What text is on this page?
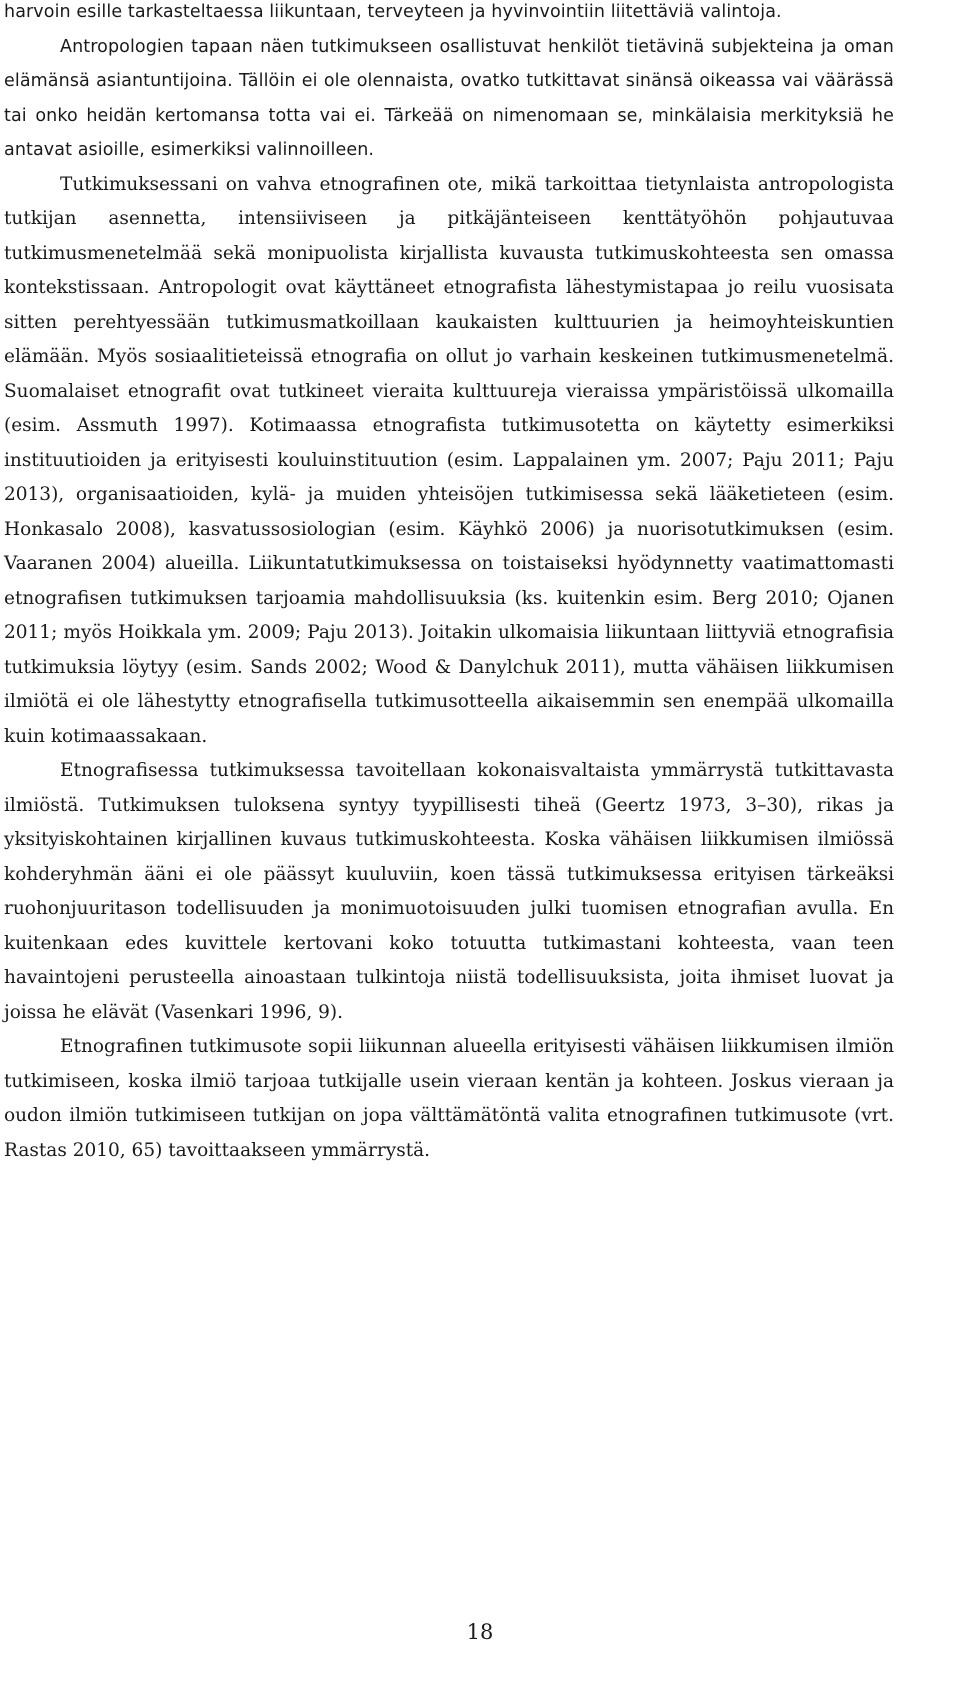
harvoin esille tarkasteltaessa liikuntaan, terveyteen ja hyvinvointiin liitettäviä valintoja.

Antropologien tapaan näen tutkimukseen osallistuvat henkilöt tietävinä subjekteina ja oman elämänsä asiantuntijoina. Tällöin ei ole olennaista, ovatko tutkittavat sinänsä oikeassa vai väärässä tai onko heidän kertomansa totta vai ei. Tärkeää on nimenomaan se, minkälaisia merkityksiä he antavat asioille, esimerkiksi valinnoilleen.

Tutkimuksessani on vahva etnografinen ote, mikä tarkoittaa tietynlaista antropologista tutkijan asennetta, intensiiviseen ja pitkäjänteiseen kenttätyöhön pohjautuvaa tutkimusmenetelmää sekä monipuolista kirjallista kuvausta tutkimuskohteesta sen omassa kontekstissaan. Antropologit ovat käyttäneet etnografista lähestymistapaa jo reilu vuosisata sitten perehtyessään tutkimusmatkoillaan kaukaisten kulttuurien ja heimoyhteiskuntien elämään. Myös sosiaalitieteissä etnografia on ollut jo varhain keskeinen tutkimusmenetelmä. Suomalaiset etnografit ovat tutkineet vieraita kulttuureja vieraissa ympäristöissä ulkomailla (esim. Assmuth 1997). Kotimaassa etnografista tutkimusotetta on käytetty esimerkiksi instituutioiden ja erityisesti kouluinstituution (esim. Lappalainen ym. 2007; Paju 2011; Paju 2013), organisaatioiden, kylä- ja muiden yhteisöjen tutkimisessa sekä lääketieteen (esim. Honkasalo 2008), kasvatussosiologian (esim. Käyhkö 2006) ja nuorisotutkimuksen (esim. Vaaranen 2004) alueilla. Liikuntatutkimuksessa on toistaiseksi hyödynnetty vaatimattomasti etnografisen tutkimuksen tarjoamia mahdollisuuksia (ks. kuitenkin esim. Berg 2010; Ojanen 2011; myös Hoikkala ym. 2009; Paju 2013). Joitakin ulkomaisia liikuntaan liittyviä etnografisia tutkimuksia löytyy (esim. Sands 2002; Wood & Danylchuk 2011), mutta vähäisen liikkumisen ilmiötä ei ole lähestytty etnografisella tutkimusotteella aikaisemmin sen enempää ulkomailla kuin kotimaassakaan.

Etnografisessa tutkimuksessa tavoitellaan kokonaisvaltaista ymmärrystä tutkittavasta ilmiöstä. Tutkimuksen tuloksena syntyy tyypillisesti tiheä (Geertz 1973, 3–30), rikas ja yksityiskohtainen kirjallinen kuvaus tutkimuskohteesta. Koska vähäisen liikkumisen ilmiössä kohderyhmän ääni ei ole päässyt kuuluviin, koen tässä tutkimuksessa erityisen tärkeäksi ruohonjuuritason todellisuuden ja monimuotoisuuden julki tuomisen etnografian avulla. En kuitenkaan edes kuvittele kertovani koko totuutta tutkimastani kohteesta, vaan teen havaintojeni perusteella ainoastaan tulkintoja niistä todellisuuksista, joita ihmiset luovat ja joissa he elävät (Vasenkari 1996, 9).

Etnografinen tutkimusote sopii liikunnan alueella erityisesti vähäisen liikkumisen ilmiön tutkimiseen, koska ilmiö tarjoaa tutkijalle usein vieraan kentän ja kohteen. Joskus vieraan ja oudon ilmiön tutkimiseen tutkijan on jopa välttämätöntä valita etnografinen tutkimusote (vrt. Rastas 2010, 65) tavoittaakseen ymmärrystä.

18
